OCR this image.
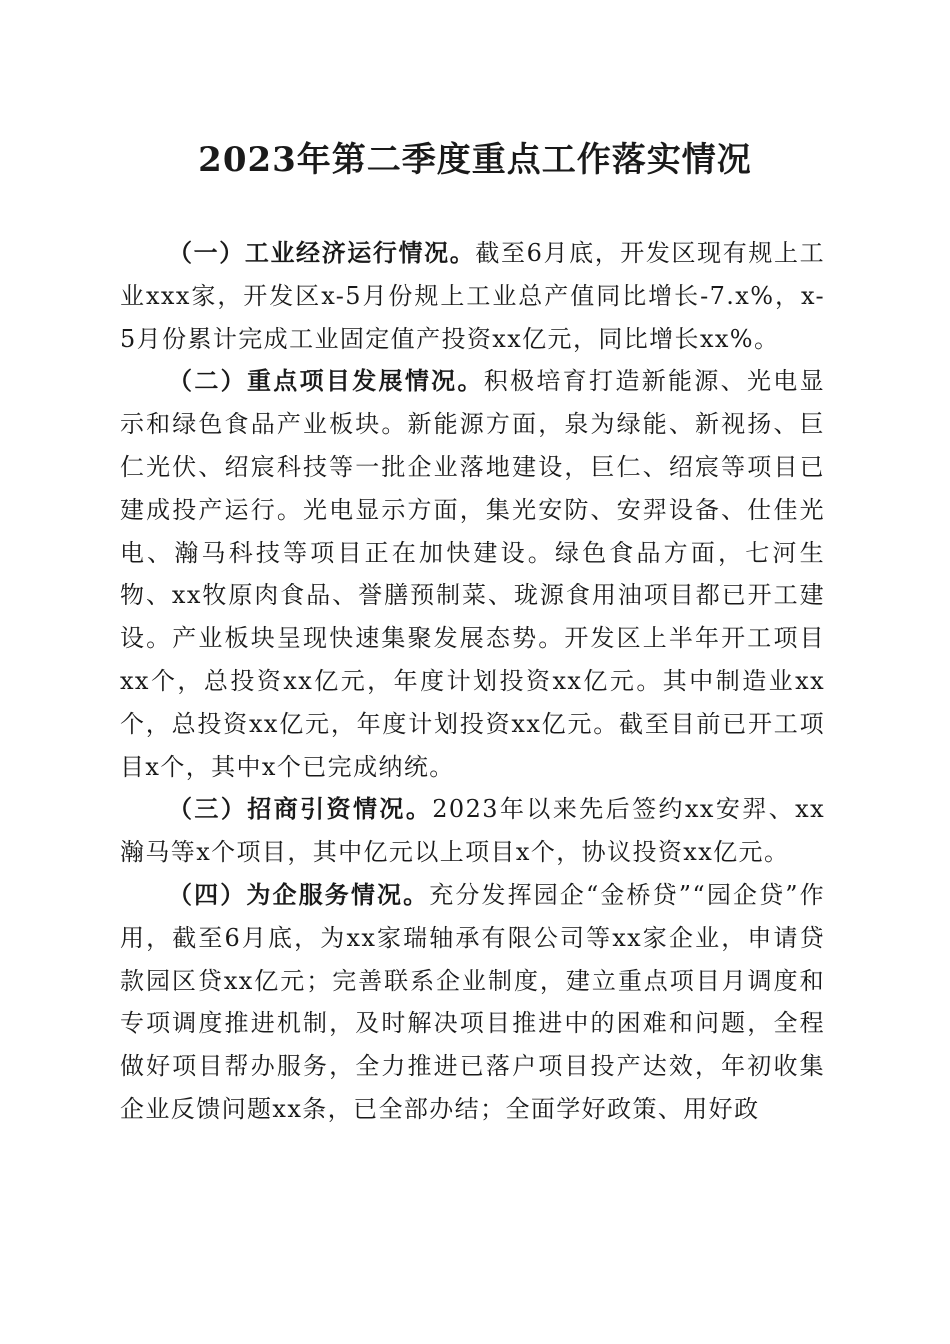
2023年第二季度重点工作落实情况

（一）工业经济运行情况。截至6月底，开发区现有规上工业xxx家，开发区x-5月份规上工业总产值同比增长-7.x%，x-5月份累计完成工业固定值产投资xx亿元，同比增长xx%。

（二）重点项目发展情况。积极培育打造新能源、光电显示和绿色食品产业板块。新能源方面，泉为绿能、新视扬、巨仁光伏、绍宸科技等一批企业落地建设，巨仁、绍宸等项目已建成投产运行。光电显示方面，集光安防、安羿设备、仕佳光电、瀚马科技等项目正在加快建设。绿色食品方面，七河生物、xx牧原肉食品、誉膳预制菜、珑源食用油项目都已开工建设。产业板块呈现快速集聚发展态势。开发区上半年开工项目xx个，总投资xx亿元，年度计划投资xx亿元。其中制造业xx个，总投资xx亿元，年度计划投资xx亿元。截至目前已开工项目x个，其中x个已完成纳统。

（三）招商引资情况。2023年以来先后签约xx安羿、xx瀚马等x个项目，其中亿元以上项目x个，协议投资xx亿元。

（四）为企服务情况。充分发挥园企“金桥贷”“园企贷”作用，截至6月底，为xx家瑞轴承有限公司等xx家企业，申请贷款园区贷xx亿元；完善联系企业制度，建立重点项目月调度和专项调度推进机制，及时解决项目推进中的困难和问题，全程做好项目帮办服务，全力推进已落户项目投产达效，年初收集企业反馈问题xx条，已全部办结；全面学好政策、用好政
